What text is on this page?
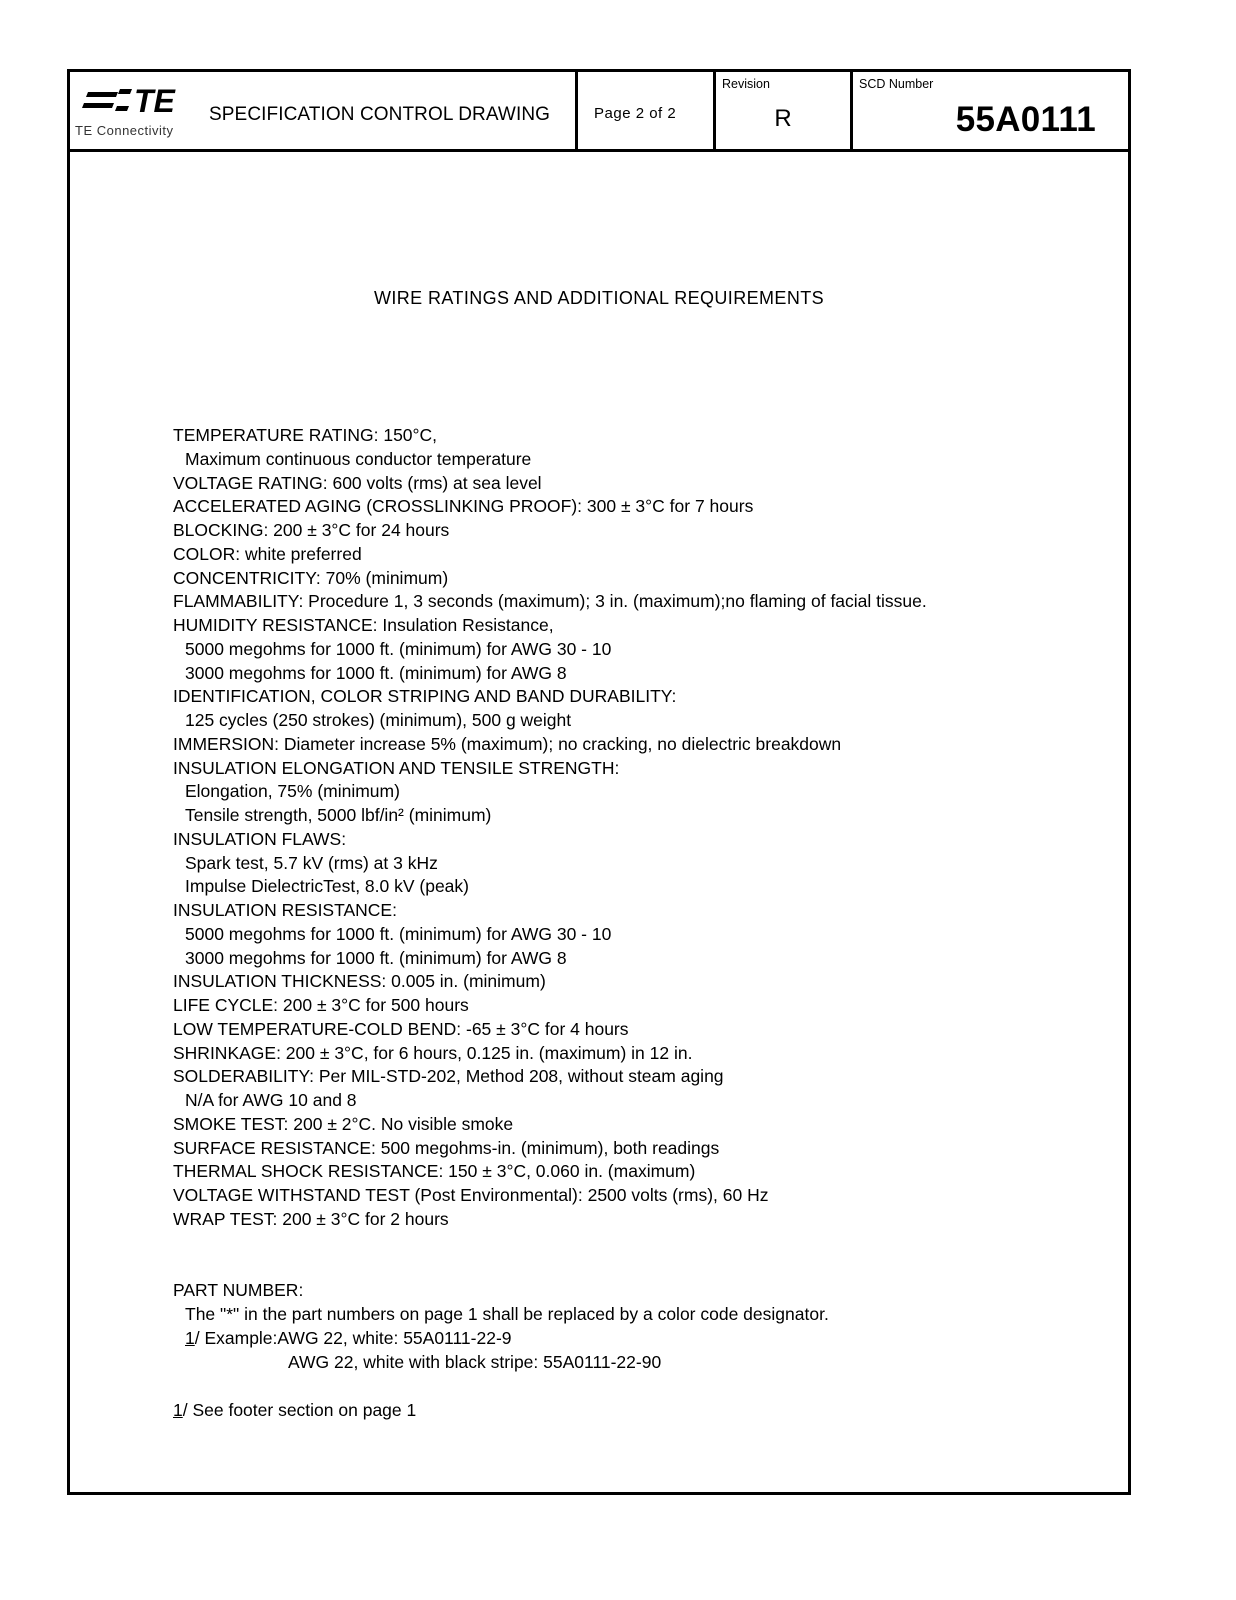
TE
TE Connectivity
SPECIFICATION CONTROL DRAWING	Page 2 of 2
Revision
R
SCD Number
55A0111
WIRE RATINGS AND ADDITIONAL REQUIREMENTS
TEMPERATURE RATING: 150°C,
Maximum continuous conductor temperature
VOLTAGE RATING: 600 volts (rms) at sea level
ACCELERATED AGING (CROSSLINKING PROOF): 300 ± 3°C for 7 hours
BLOCKING: 200 ± 3°C for 24 hours
COLOR: white preferred
CONCENTRICITY: 70% (minimum)
FLAMMABILITY: Procedure 1, 3 seconds (maximum); 3 in. (maximum);no flaming of facial tissue.
HUMIDITY RESISTANCE: Insulation Resistance,
5000 megohms for 1000 ft. (minimum) for AWG 30 - 10
3000 megohms for 1000 ft. (minimum) for AWG 8
IDENTIFICATION, COLOR STRIPING AND BAND DURABILITY:
125 cycles (250 strokes) (minimum), 500 g weight
IMMERSION: Diameter increase 5% (maximum); no cracking, no dielectric breakdown
INSULATION ELONGATION AND TENSILE STRENGTH:
Elongation, 75% (minimum)
Tensile strength, 5000 lbf/in² (minimum)
INSULATION FLAWS:
Spark test, 5.7 kV (rms) at 3 kHz
Impulse DielectricTest, 8.0 kV (peak)
INSULATION RESISTANCE:
5000 megohms for 1000 ft. (minimum) for AWG 30 - 10
3000 megohms for 1000 ft. (minimum) for AWG 8
INSULATION THICKNESS: 0.005 in. (minimum)
LIFE CYCLE: 200 ± 3°C for 500 hours
LOW TEMPERATURE-COLD BEND: -65 ± 3°C for 4 hours
SHRINKAGE: 200 ± 3°C, for 6 hours, 0.125 in. (maximum) in 12 in.
SOLDERABILITY: Per MIL-STD-202, Method 208, without steam aging
N/A for AWG 10 and 8
SMOKE TEST: 200 ± 2°C. No visible smoke
SURFACE RESISTANCE: 500 megohms-in. (minimum), both readings
THERMAL SHOCK RESISTANCE: 150 ± 3°C, 0.060 in. (maximum)
VOLTAGE WITHSTAND TEST (Post Environmental): 2500 volts (rms), 60 Hz
WRAP TEST: 200 ± 3°C for 2 hours
PART NUMBER:
The "*" in the part numbers on page 1 shall be replaced by a color code designator.
1/ Example:AWG 22, white: 55A0111-22-9
AWG 22, white with black stripe: 55A0111-22-90
1/ See footer section on page 1
